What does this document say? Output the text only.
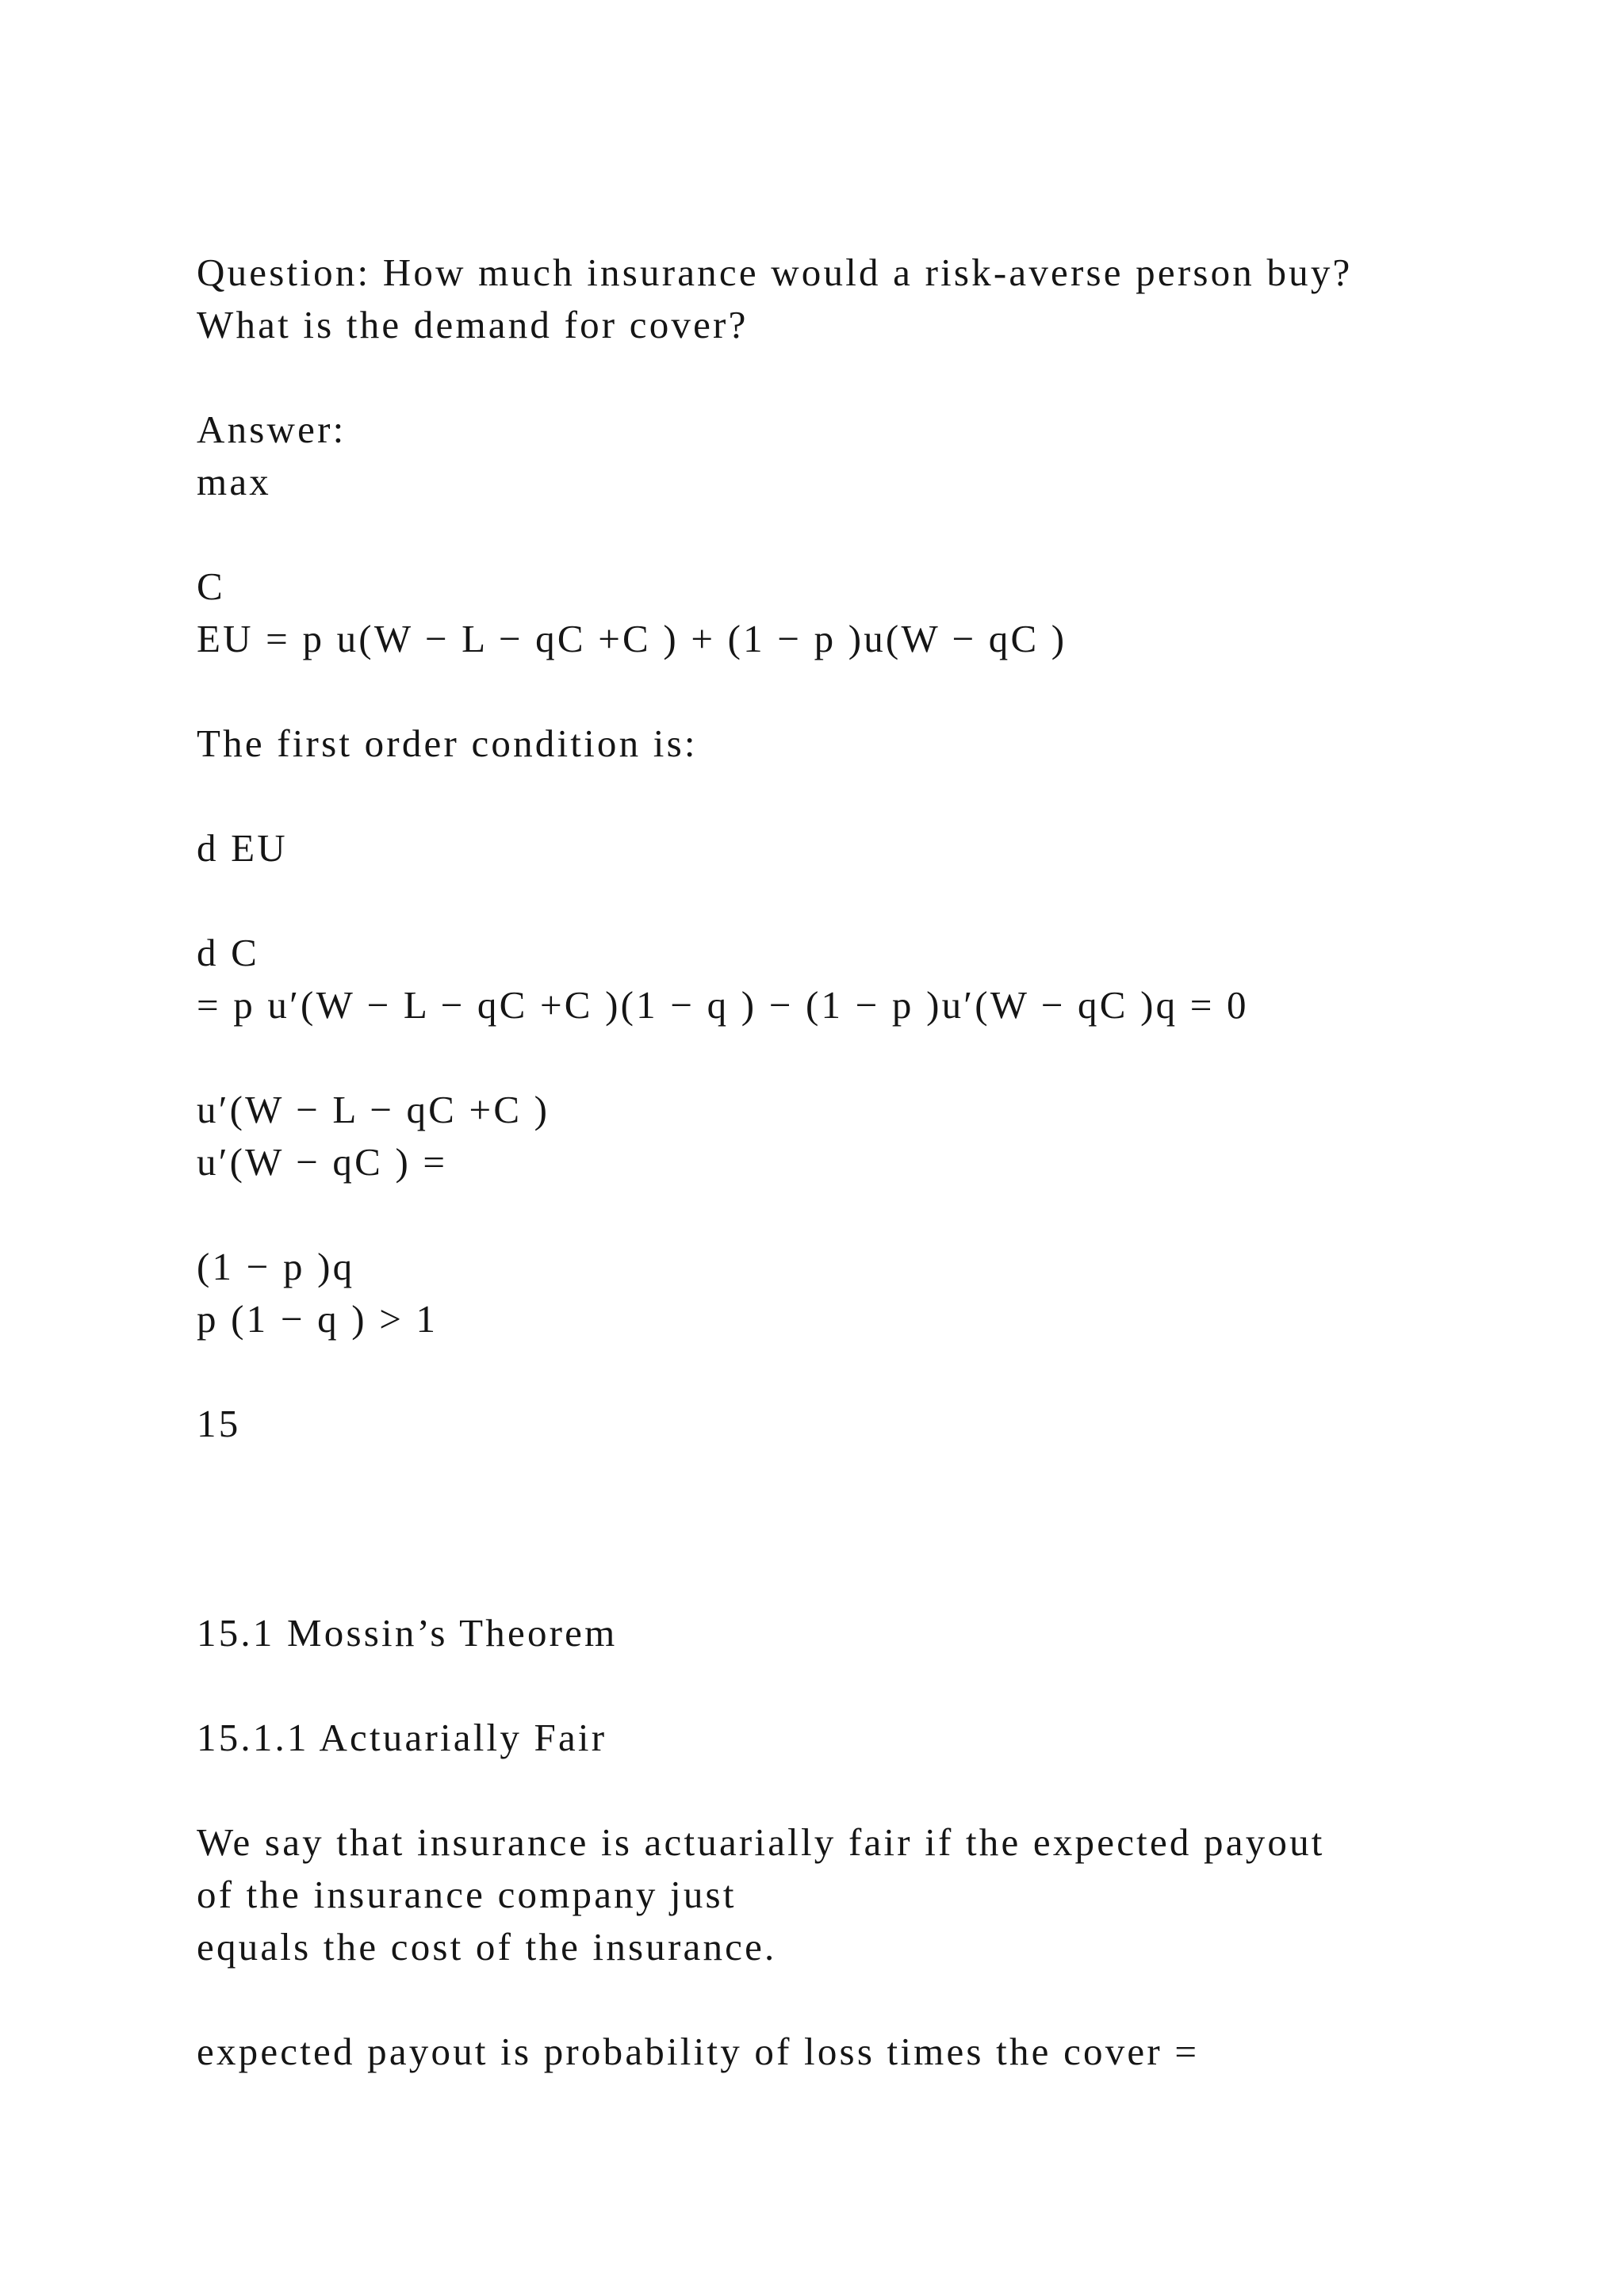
Question: How much insurance would a risk-averse person buy?

What is the demand for cover?

Answer:

max

C

EU = p u(W − L − qC +C ) + (1 − p )u(W − qC )

The first order condition is:

d EU

d C

= p u′(W − L − qC +C )(1 − q ) − (1 − p )u′(W − qC )q = 0

u′(W − L − qC +C )

u′(W − qC ) =

(1 − p )q

p (1 − q ) > 1

15

15.1 Mossin’s Theorem

15.1.1 Actuarially Fair

We say that insurance is actuarially fair if the expected payout

of the insurance company just

equals the cost of the insurance.

expected payout is probability of loss times the cover =
